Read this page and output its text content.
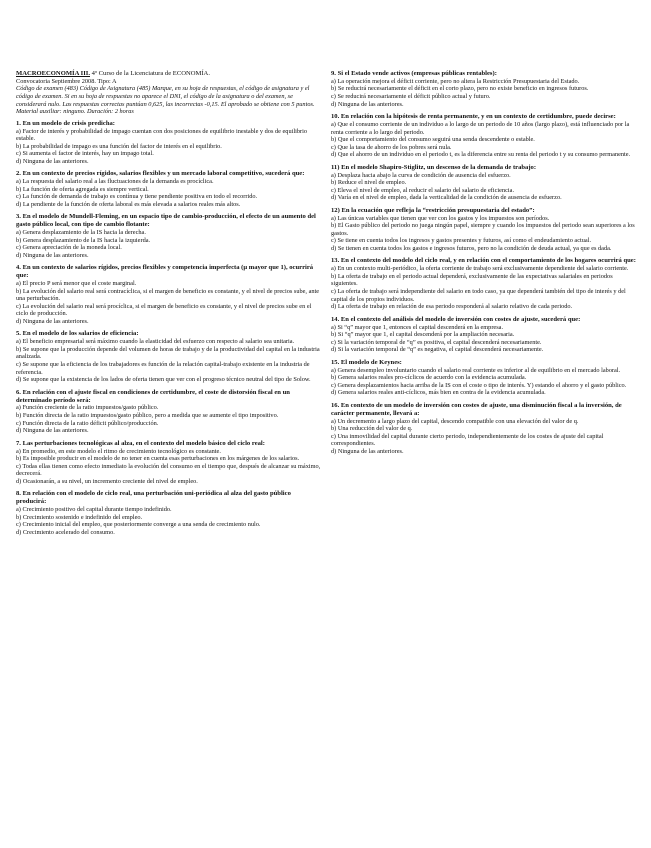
MACROECONOMÍA III. 4º Curso de la Licenciatura de ECONOMÍA.
Convocatoria Septiembre 2008. Tipo: A
Código de examen (483) Código de Asignatura (485) Marque, en su hoja de respuestas, el código de asignatura y el código de examen. Si en su hoja de respuestas no aparece el DNI, el código de la asignatura o del examen, se considerará nulo. Las respuestas correctas puntúan 0,625, las incorrectas -0,15. El aprobado se obtiene con 5 puntos. Material auxiliar: ninguno. Duración: 2 horas
1. En un modelo de crisis predicha:
a) Factor de interés y probabilidad de impago cuentan con dos posiciones de equilibrio inestable y dos de equilibrio estable.
b) La probabilidad de impago es una función del factor de interés en el equilibrio.
c) Si aumenta el factor de interés, hay un impago total.
d) Ninguna de las anteriores.
2. En un contexto de precios rígidos, salarios flexibles y un mercado laboral competitivo, sucederá que:
a) La respuesta del salario real a las fluctuaciones de la demanda es procíclica.
b) La función de oferta agregada es siempre vertical.
c) La función de demanda de trabajo es contínua y tiene pendiente positiva en todo el recorrido.
d) La pendiente de la función de oferta laboral es más elevada a salarios reales más altos.
3. En el modelo de Mundell-Fleming, en un espacio tipo de cambio-producción, el efecto de un aumento del gasto público local, con tipo de cambio flotante:
a) Genera desplazamiento de la IS hacia la derecha.
b) Genera desplazamiento de la IS hacia la izquierda.
c) Genera apreciación de la moneda local.
d) Ninguna de las anteriores.
4. En un contexto de salarios rígidos, precios flexibles y competencia imperfecta (μ mayor que 1), ocurrirá que:
a) El precio P será menor que el coste marginal.
b) La evolución del salario real será contracíclica, si el margen de beneficio es constante, y el nivel de precios sube, ante una perturbación.
c) La evolución del salario real será procíclica, si el margen de beneficio es constante, y el nivel de precios sube en el ciclo de producción.
d) Ninguna de las anteriores.
5. En el modelo de los salarios de eficiencia:
a) El beneficio empresarial será máximo cuando la elasticidad del esfuerzo con respecto al salario sea unitaria.
b) Se supone que la producción depende del volumen de horas de trabajo y de la productividad del capital en la industria analizada.
c) Se supone que la eficiencia de los trabajadores es función de la relación capital-trabajo existente en la industria de referencia.
d) Se supone que la existencia de los lados de oferta tienen que ver con el progreso técnico neutral del tipo de Solow.
6. En relación con el ajuste fiscal en condiciones de certidumbre, el coste de distorsión fiscal en un determinado período será:
a) Función creciente de la ratio impuestos/gasto público.
b) Función directa de la ratio impuestos/gasto público, pero a medida que se aumente el tipo impositivo.
c) Función directa de la ratio déficit público/producción.
d) Ninguna de las anteriores.
7. Las perturbaciones tecnológicas al alza, en el contexto del modelo básico del ciclo real:
a) En promedio, en este modelo el ritmo de crecimiento tecnológico es constante.
b) Es imposible producir en el modelo de no tener en cuenta esas perturbaciones en los márgenes de los salarios.
c) Todas ellas tienen como efecto inmediato la evolución del consumo en el tiempo que, después de alcanzar su máximo, decrecerá.
d) Ocasionarán, a su nivel, un incremento creciente del nivel de empleo.
8. En relación con el modelo de ciclo real, una perturbación uni-periódica al alza del gasto público producirá:
a) Crecimiento positivo del capital durante tiempo indefinido.
b) Crecimiento sostenido e indefinido del empleo.
c) Crecimiento inicial del empleo, que posteriormente converge a una senda de crecimiento nulo.
d) Crecimiento acelerado del consumo.
9. Si el Estado vende activos (empresas públicas rentables):
a) La operación mejora el déficit corriente, pero no altera la Restricción Presupuestaria del Estado.
b) Se reducirá necesariamente el déficit en el corto plazo, pero no existe beneficio en ingresos futuros.
c) Se reducirá necesariamente el déficit público actual y futuro.
d) Ninguna de las anteriores.
10. En relación con la hipótesis de renta permanente, y en un contexto de certidumbre, puede decirse:
a) Que el consumo corriente de un individuo a lo largo de un periodo de 10 años (largo plazo), está influenciado por la renta corriente a lo largo del periodo.
b) Que el comportamiento del consumo seguirá una senda descendente o estable.
c) Que la tasa de ahorro de los pobres será nula.
d) Que el ahorro de un individuo en el periodo t, es la diferencia entre su renta del periodo t y su consumo permanente.
11) En el modelo Shapiro-Stiglitz, un descenso de la demanda de trabajo:
a) Desplaza hacia abajo la curva de condición de ausencia del esfuerzo.
b) Reduce el nivel de empleo.
c) Eleva el nivel de empleo, al reducir el salario del salario de eficiencia.
d) Varía en el nivel de empleo, dada la verticalidad de la condición de ausencia de esfuerzo.
12) En la ecuación que refleja la “restricción presupuestaria del estado”:
a) Las únicas variables que tienen que ver con los gastos y los impuestos son períodos.
b) El Gasto público del periodo no juega ningún papel, siempre y cuando los impuestos del periodo sean superiores a los gastos.
c) Se tiene en cuenta todos los ingresos y gastos presentes y futuros, así como el endeudamiento actual.
d) Se tienen en cuenta todos los gastos e ingresos futuros, pero no la condición de deuda actual, ya que es dada.
13. En el contexto del modelo del ciclo real, y en relación con el comportamiento de los hogares ocurrirá que:
a) En un contexto multi-periódico, la oferta corriente de trabajo será exclusivamente dependiente del salario corriente.
b) La oferta de trabajo en el periodo actual dependerá, exclusivamente de las expectativas salariales en periodos siguientes.
c) La oferta de trabajo será independiente del salario en todo caso, ya que dependerá también del tipo de interés y del capital de los propios individuos.
d) La oferta de trabajo en relación de esa periodo responderá al salario relativo de cada periodo.
14. En el contexto del análisis del modelo de inversión con costes de ajuste, sucederá que:
a) Si “q” mayor que 1, entonces el capital descenderá en la empresa.
b) Si “q” mayor que 1, el capital descenderá por la ampliación necesaria.
c) Si la variación temporal de “q” es positiva, el capital descenderá necesariamente.
d) Si la variación temporal de “q” es negativa, el capital descenderá necesariamente.
15. El modelo de Keynes:
a) Genera desempleo involuntario cuando el salario real corriente es inferior al de equilibrio en el mercado laboral.
b) Genera salarios reales pro-cíclicos de acuerdo con la evidencia acumulada.
c) Genera desplazamientos hacia arriba de la IS con el coste o tipo de interés. Y) estando el ahorro y el gasto público.
d) Genera salarios reales anti-cíclicos, más bien en contra de la evidencia acumulada.
16. En contexto de un modelo de inversión con costes de ajuste, una disminución fiscal a la inversión, de carácter permanente, llevará a:
a) Un decremento a largo plazo del capital, descendo compatible con una elevación del valor de q.
b) Una reducción del valor de q.
c) Una inmovilidad del capital durante cierto periodo, independientemente de los costes de ajuste del capital correspondientes.
d) Ninguna de las anteriores.
